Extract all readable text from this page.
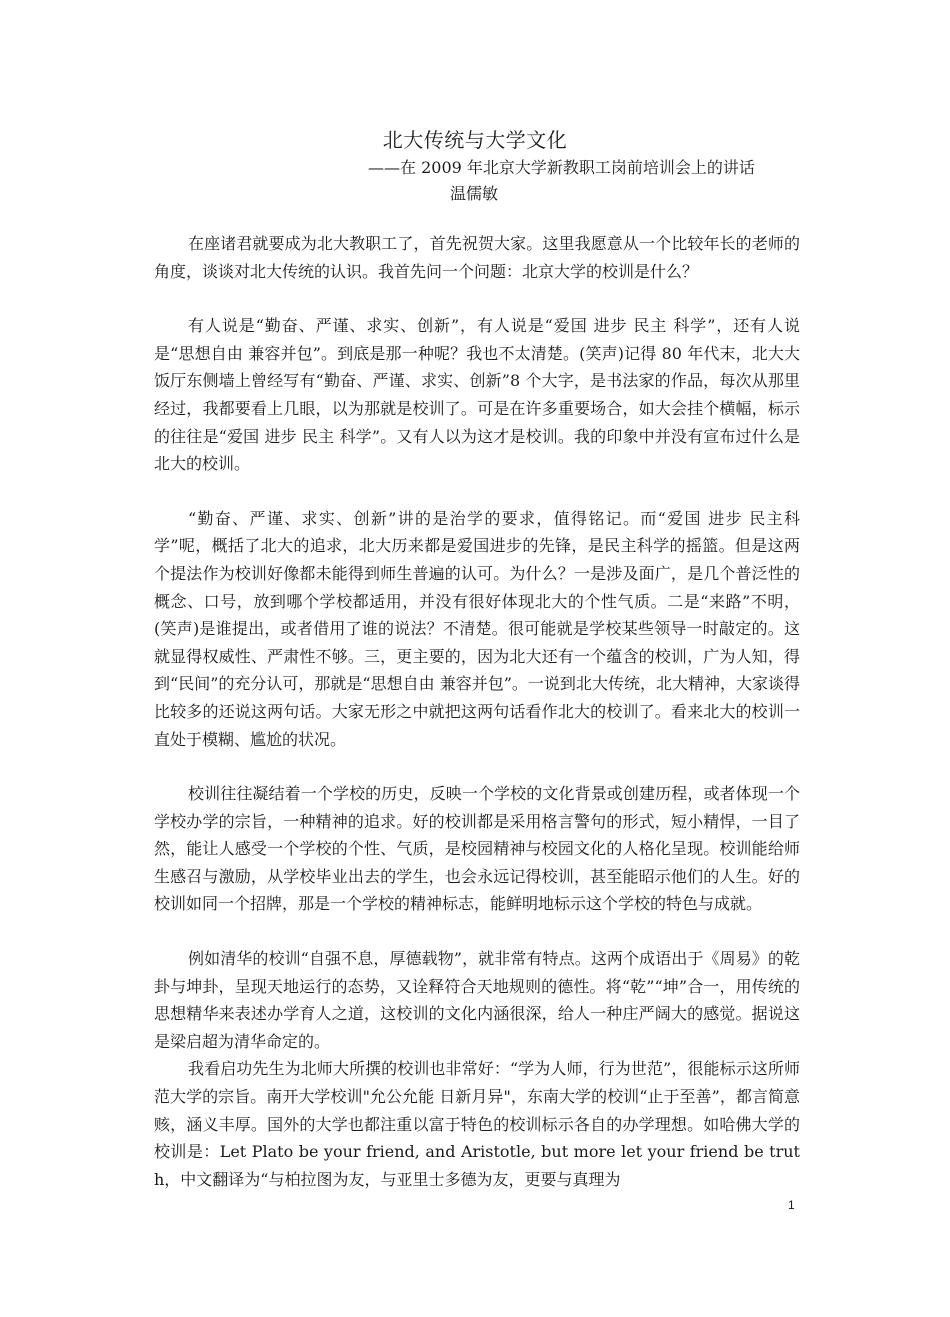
北大传统与大学文化
——在 2009 年北京大学新教职工岗前培训会上的讲话
温儒敏

在座诸君就要成为北大教职工了，首先祝贺大家。这里我愿意从一个比较年长的老师的角度，谈谈对北大传统的认识。我首先问一个问题：北京大学的校训是什么？

有人说是“勤奋、严谨、求实、创新”，有人说是“爱国 进步 民主 科学”，还有人说是“思想自由 兼容并包”。到底是那一种呢？我也不太清楚。(笑声)记得 80 年代末，北大大饭厅东侧墙上曾经写有“勤奋、严谨、求实、创新”8 个大字，是书法家的作品，每次从那里经过，我都要看上几眼，以为那就是校训了。可是在许多重要场合，如大会挂个横幅，标示的往往是“爱国 进步 民主 科学”。又有人以为这才是校训。我的印象中并没有宣布过什么是北大的校训。

“勤奋、严谨、求实、创新”讲的是治学的要求，值得铭记。而“爱国 进步 民主科学”呢，概括了北大的追求，北大历来都是爱国进步的先锋，是民主科学的摇篮。但是这两个提法作为校训好像都未能得到师生普遍的认可。为什么？一是涉及面广，是几个普泛性的概念、口号，放到哪个学校都适用，并没有很好体现北大的个性气质。二是“来路”不明，(笑声)是谁提出，或者借用了谁的说法？不清楚。很可能就是学校某些领导一时敲定的。这就显得权威性、严肃性不够。三，更主要的，因为北大还有一个蕴含的校训，广为人知，得到“民间”的充分认可，那就是“思想自由 兼容并包”。一说到北大传统，北大精神，大家谈得比较多的还说这两句话。大家无形之中就把这两句话看作北大的校训了。看来北大的校训一直处于模糊、尴尬的状况。

校训往往凝结着一个学校的历史，反映一个学校的文化背景或创建历程，或者体现一个学校办学的宗旨，一种精神的追求。好的校训都是采用格言警句的形式，短小精悍，一目了然，能让人感受一个学校的个性、气质，是校园精神与校园文化的人格化呈现。校训能给师生感召与激励，从学校毕业出去的学生，也会永远记得校训，甚至能昭示他们的人生。好的校训如同一个招牌，那是一个学校的精神标志，能鲜明地标示这个学校的特色与成就。

例如清华的校训“自强不息，厚德载物”，就非常有特点。这两个成语出于《周易》的乾卦与坤卦，呈现天地运行的态势，又诠释符合天地规则的德性。将“乾”“坤”合一，用传统的思想精华来表述办学育人之道，这校训的文化内涵很深，给人一种庄严阔大的感觉。据说这是梁启超为清华命定的。

我看启功先生为北师大所撰的校训也非常好：“学为人师，行为世范”，很能标示这所师范大学的宗旨。南开大学校训"允公允能 日新月异"，东南大学的校训“止于至善”，都言简意赅，涵义丰厚。国外的大学也都注重以富于特色的校训标示各自的办学理想。如哈佛大学的校训是：Let Plato be your friend, and Aristotle, but more let your friend be truth，中文翻译为“与柏拉图为友，与亚里士多德为友，更要与真理为

1
